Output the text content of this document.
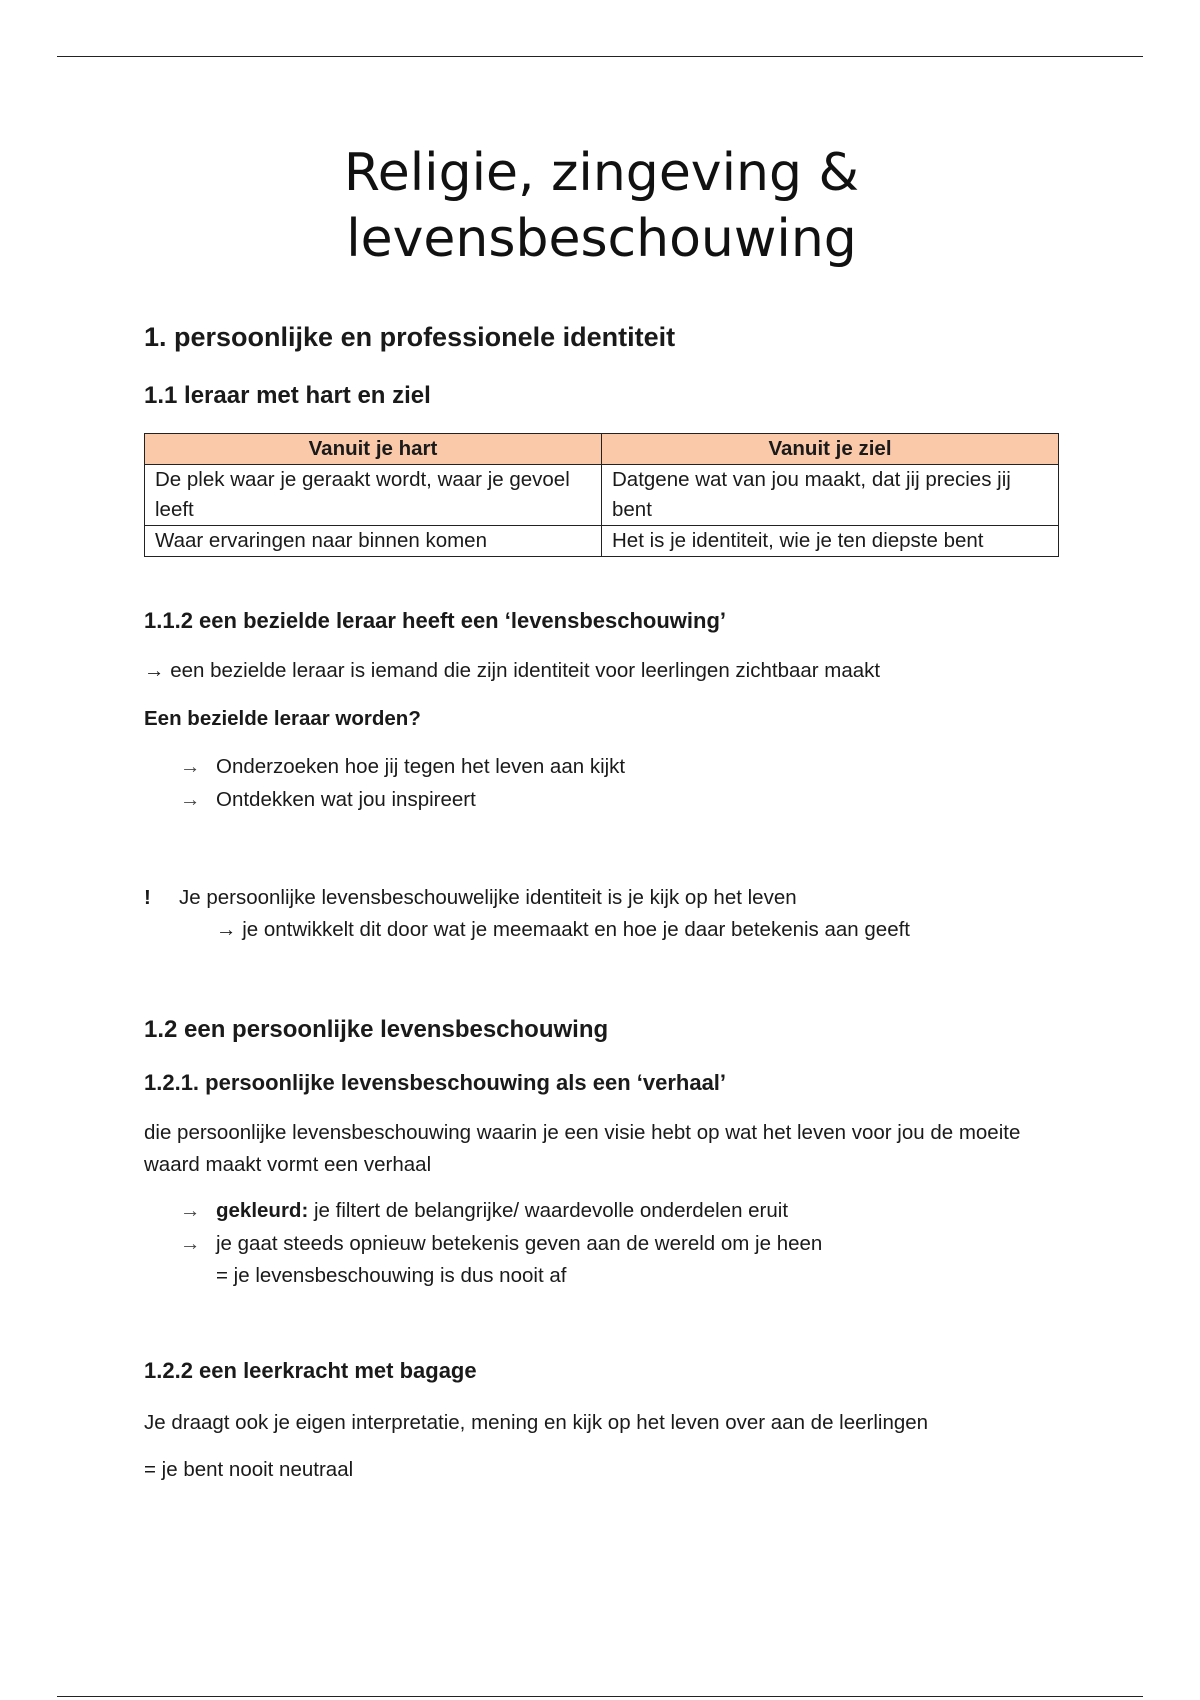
Religie, zingeving &
levensbeschouwing
1. persoonlijke en professionele identiteit
1.1 leraar met hart en ziel
Vanuit je hart	Vanuit je ziel
De plek waar je geraakt wordt, waar je gevoel leeft	Datgene wat van jou maakt, dat jij precies jij bent
Waar ervaringen naar binnen komen	Het is je identiteit, wie je ten diepste bent
1.1.2 een bezielde leraar heeft een ‘levensbeschouwing’
→ een bezielde leraar is iemand die zijn identiteit voor leerlingen zichtbaar maakt
Een bezielde leraar worden?
→ Onderzoeken hoe jij tegen het leven aan kijkt
→ Ontdekken wat jou inspireert
! Je persoonlijke levensbeschouwelijke identiteit is je kijk op het leven
→ je ontwikkelt dit door wat je meemaakt en hoe je daar betekenis aan geeft
1.2 een persoonlijke levensbeschouwing
1.2.1. persoonlijke levensbeschouwing als een ‘verhaal’
die persoonlijke levensbeschouwing waarin je een visie hebt op wat het leven voor jou de moeite waard maakt vormt een verhaal
→ gekleurd: je filtert de belangrijke/ waardevolle onderdelen eruit
→ je gaat steeds opnieuw betekenis geven aan de wereld om je heen
= je levensbeschouwing is dus nooit af
1.2.2 een leerkracht met bagage
Je draagt ook je eigen interpretatie, mening en kijk op het leven over aan de leerlingen
= je bent nooit neutraal
